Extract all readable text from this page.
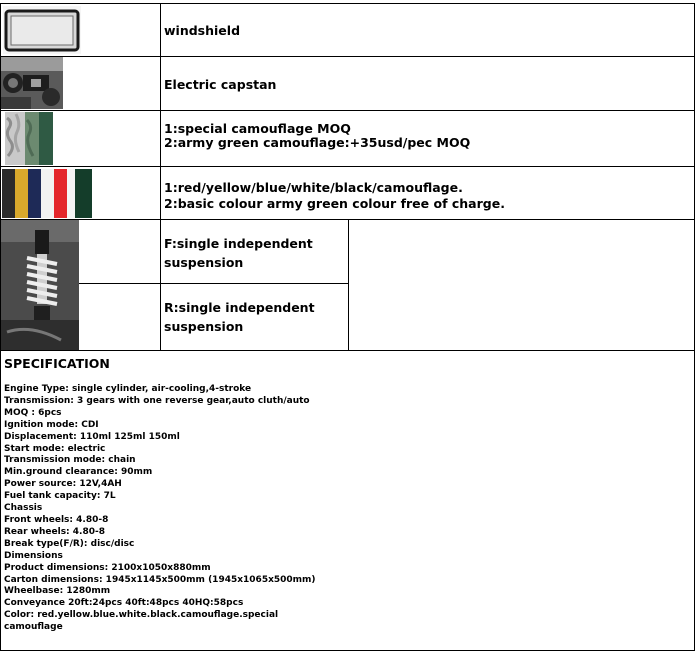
windshield
Electric capstan
1:special camouflage MOQ
2:army green camouflage:+35usd/pec MOQ
1:red/yellow/blue/white/black/camouflage.
2:basic colour army green colour free of charge.
F:single independent
suspension
R:single independent
suspension
SPECIFICATION
Engine Type: single cylinder, air-cooling,4-stroke
Transmission: 3 gears with one reverse gear,auto cluth/auto
MOQ : 6pcs
Ignition mode: CDI
Displacement: 110ml 125ml 150ml
Start mode: electric
Transmission mode: chain
Min.ground clearance: 90mm
Power source: 12V,4AH
Fuel tank capacity: 7L
Chassis
Front wheels: 4.80-8
Rear wheels: 4.80-8
Break type(F/R): disc/disc
Dimensions
Product dimensions: 2100x1050x880mm
Carton dimensions: 1945x1145x500mm (1945x1065x500mm)
Wheelbase: 1280mm
Conveyance 20ft:24pcs 40ft:48pcs 40HQ:58pcs
Color: red.yellow.blue.white.black.camouflage.special
camouflage
